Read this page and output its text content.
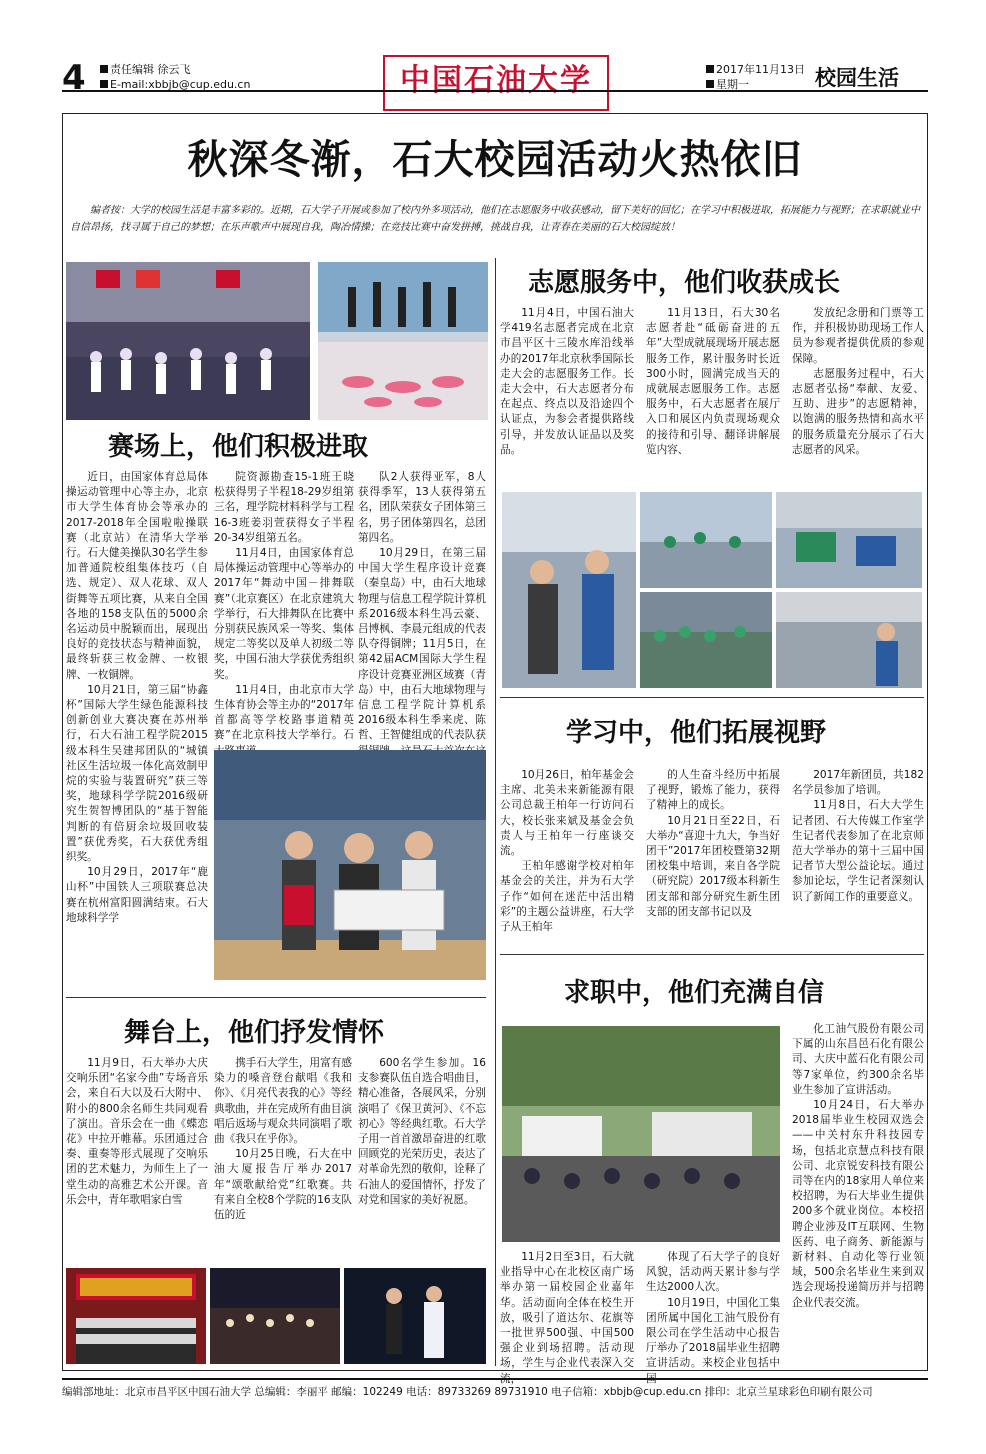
4	责任编辑 徐云飞
E-mail:xbbjb@cup.edu.cn	中国石油大学	2017年11月13日
星期一	校园生活
秋深冬渐，石大校园活动火热依旧
编者按：大学的校园生活是丰富多彩的。近期，石大学子开展或参加了校内外多项活动，他们在志愿服务中收获感动，留下美好的回忆；在学习中积极进取，拓展能力与视野；在求职就业中自信昂扬，找寻属于自己的梦想；在乐声歌声中展现自我，陶冶情操；在竞技比赛中奋发拼搏，挑战自我，让青春在美丽的石大校园绽放！
赛场上，他们积极进取

近日，由国家体育总局体操运动管理中心等主办，北京市大学生体育协会等承办的2017-2018年全国啦啦操联赛（北京站）在清华大学举行。石大健美操队30名学生参加普通院校组集体技巧（自选、规定）、双人花球、双人街舞等五项比赛，从来自全国各地的158支队伍的5000余名运动员中脱颖而出，展现出良好的竞技状态与精神面貌，最终斩获三枚金牌、一枚银牌、一枚铜牌。

10月21日，第三届“协鑫杯”国际大学生绿色能源科技创新创业大赛决赛在苏州举行，石大石油工程学院2015级本科生吴建邦团队的“城镇社区生活垃圾一体化高效制甲烷的实验与装置研究”获三等奖，地球科学学院2016级研究生贺智博团队的“基于智能判断的有倍厨余垃圾回收装置”获优秀奖，石大获优秀组织奖。

10月29日，2017年“鹿山杯”中国铁人三项联赛总决赛在杭州富阳圆满结束。石大地球科学学

院资源勘查15-1班王晓松获得男子半程18-29岁组第三名，理学院材料科学与工程16-3班姜羽萱获得女子半程20-34岁组第五名。

11月4日，由国家体育总局体操运动管理中心等举办的2017年“舞动中国－排舞联赛”（北京赛区）在北京建筑大学举行，石大排舞队在比赛中分别获民族风采一等奖、集体规定二等奖以及单人初级二等奖，中国石油大学获优秀组织奖。

11月4日，由北京市大学生体育协会等主办的“2017年首都高等学校路事道精英赛”在北京科技大学举行。石

队2人获得亚军，8人获得季军，13人获得第五名，团队荣获女子团体第三名，男子团体第四名，总团第四名。

10月29日，在第三届中国大学生程序设计竞赛（秦皇岛）中，由石大地球物理与信息工程学院计算机系2016级本科生冯云豪、吕博枫、李晨元组成的代表队夺得铜牌；11月5日，在第42届ACM国际大学生程序设计竞赛亚洲区域赛（青岛）中，由石大地球物理与信息工程学院计算机系2016级本科生季来虎、陈哲、王智健组成的代表队获

舞台上，他们抒发情怀

11月9日，石大举办大庆交响乐团“名家今曲”专场音乐会，来自石大以及石大附中、附小的800余名师生共同观看了演出。音乐会在一曲《蝶恋花》中拉开帷幕。乐团通过合奏、重奏等形式展现了交响乐团的艺术魅力，为师生上了一堂生动的高雅艺术公开课。音乐会中，青年歌唱家白雪

携手石大学生，用富有感染力的嗓音登台献唱《我和你》、《月亮代表我的心》等经典歌曲，并在完成所有曲目演唱后返场与观众共同演唱了歌曲《我只在乎你》。

10月25日晚，石大在中油大厦报告厅举办2017年“颂歌献给党”红歌赛。共有来自全校8个学院的16支队伍的近

600名学生参加。16支参赛队伍自选合唱曲目，精心准备，各展风采，分别演唱了《保卫黄河》、《不忘初心》等经典红歌。石大学子用一首首激昂奋进的红歌回顾党的光荣历史，表达了对革命先烈的敬仰，诠释了石油人的爱国情怀，抒发了对党和国家的美好祝愿。

志愿服务中，他们收获成长

11月4日，中国石油大学419名志愿者完成在北京市昌平区十三陵水库沿线举办的2017年北京秋季国际长走大会的志愿服务工作。长走大会中，石大志愿者分布在起点、终点以及沿途四个认证点，为参会者提供路线引导，并发放认证品以及奖品。

11月13日，石大30名志愿者赴“砥砺奋进的五年”大型成就展现场开展志愿服务工作，累计服务时长近300小时，圆满完成当天的成就展志愿服务工作。志愿服务中，石大志愿者在展厅入口和展区内负责现场观众的接待和引导、翻译讲解展览内容、

发放纪念册和门票等工作，并积极协助现场工作人员为参观者提供优质的参观保障。

志愿服务过程中，石大志愿者弘扬“奉献、友爱、互助、进步”的志愿精神，以饱满的服务热情和高水平的服务质量充分展示了石大志愿者的风采。

学习中，他们拓展视野

10月26日，柏年基金会主席、北美未来新能源有限公司总裁王柏年一行访问石大，校长张来斌及基金会负责人与王柏年一行座谈交流。

王柏年感谢学校对柏年基金会的关注，并为石大学子作“如何在迷茫中活出精彩”的主题公益讲座，石大学子从王柏年

的人生奋斗经历中拓展了视野，锻炼了能力，获得了精神上的成长。

10月21日至22日，石大举办“喜迎十九大，争当好团干”2017年团校暨第32期团校集中培训，来自各学院（研究院）2017级本科新生团支部和部分研究生新生团支部的团支部书记以及

2017年新团员，共182名学员参加了培训。

11月8日，石大大学生记者团、石大传媒工作室学生记者代表参加了在北京师范大学举办的第十三届中国记者节大型公益论坛。通过参加论坛，学生记者深刻认识了新闻工作的重要意义。

求职中，他们充满自信

11月2日至3日，石大就业指导中心在北校区南广场举办第一届校园企业嘉年华。活动面向全体在校生开放，吸引了道达尔、花旗等一批世界500强、中国500强企业到场招聘。活动现场，学生与企业代表深入交流，

体现了石大学子的良好风貌，活动两天累计参与学生达2000人次。

10月19日，中国化工集团所属中国化工油气股份有限公司在学生活动中心报告厅举办了2018届毕业生招聘宣讲活动。来校企业包括中国

化工油气股份有限公司下属的山东昌邑石化有限公司、大庆中蓝石化有限公司等7家单位，约300余名毕业生参加了宣讲活动。

10月24日，石大举办2018届毕业生校园双选会——中关村东升科技园专场，包括北京慧点科技有限公司、北京锐安科技有限公司等在内的18家用人单位来校招聘，为石大毕业生提供200多个就业岗位。本校招聘企业涉及IT互联网、生物医药、电子商务、新能源与新材料、自动化等行业领域，500余名毕业生来到双选会现场投递简历并与招聘企业代表交流。

编辑部地址：北京市昌平区中国石油大学 总编辑：李丽平 邮编：102249 电话：89733269 89731910 电子信箱：xbbjb@cup.edu.cn 排印：北京兰星球彩色印刷有限公司
